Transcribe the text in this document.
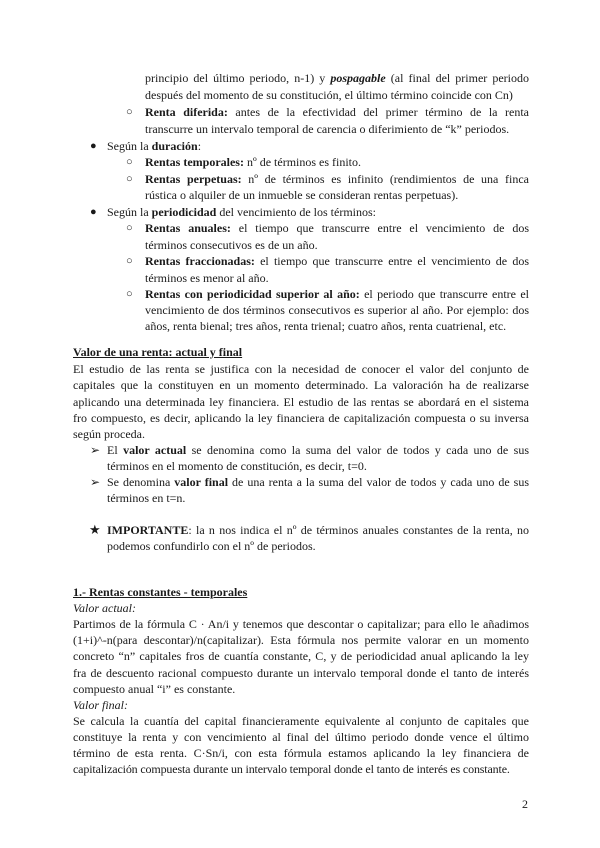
principio del último periodo, n-1) y pospagable (al final del primer periodo
después del momento de su constitución, el último término coincide con Cn)
○ Renta diferida: antes de la efectividad del primer término de la renta
transcurre un intervalo temporal de carencia o diferimiento de “k” periodos.
● Según la duración:
○ Rentas temporales: nº de términos es finito.
○ Rentas perpetuas: nº de términos es infinito (rendimientos de una finca
rústica o alquiler de un inmueble se consideran rentas perpetuas).
● Según la periodicidad del vencimiento de los términos:
○ Rentas anuales: el tiempo que transcurre entre el vencimiento de dos
términos consecutivos es de un año.
○ Rentas fraccionadas: el tiempo que transcurre entre el vencimiento de dos
términos es menor al año.
○ Rentas con periodicidad superior al año: el periodo que transcurre entre el
vencimiento de dos términos consecutivos es superior al año. Por ejemplo: dos
años, renta bienal; tres años, renta trienal; cuatro años, renta cuatrienal, etc.
Valor de una renta: actual y final
El estudio de las renta se justifica con la necesidad de conocer el valor del conjunto de
capitales que la constituyen en un momento determinado. La valoración ha de realizarse
aplicando una determinada ley financiera. El estudio de las rentas se abordará en el sistema
fro compuesto, es decir, aplicando la ley financiera de capitalización compuesta o su inversa
según proceda.
➢ El valor actual se denomina como la suma del valor de todos y cada uno de sus
términos en el momento de constitución, es decir, t=0.
➢ Se denomina valor final de una renta a la suma del valor de todos y cada uno de sus
términos en t=n.
★ IMPORTANTE: la n nos indica el nº de términos anuales constantes de la renta, no
podemos confundirlo con el nº de periodos.
1.- Rentas constantes - temporales
Valor actual:
Partimos de la fórmula C · An/i y tenemos que descontar o capitalizar; para ello le añadimos
(1+i)^-n(para descontar)/n(capitalizar). Esta fórmula nos permite valorar en un momento
concreto “n” capitales fros de cuantía constante, C, y de periodicidad anual aplicando la ley
fra de descuento racional compuesto durante un intervalo temporal donde el tanto de interés
compuesto anual “i” es constante.
Valor final:
Se calcula la cuantía del capital financieramente equivalente al conjunto de capitales que
constituye la renta y con vencimiento al final del último periodo donde vence el último
término de esta renta. C·Sn/i, con esta fórmula estamos aplicando la ley financiera de
capitalización compuesta durante un intervalo temporal donde el tanto de interés es constante.
2
